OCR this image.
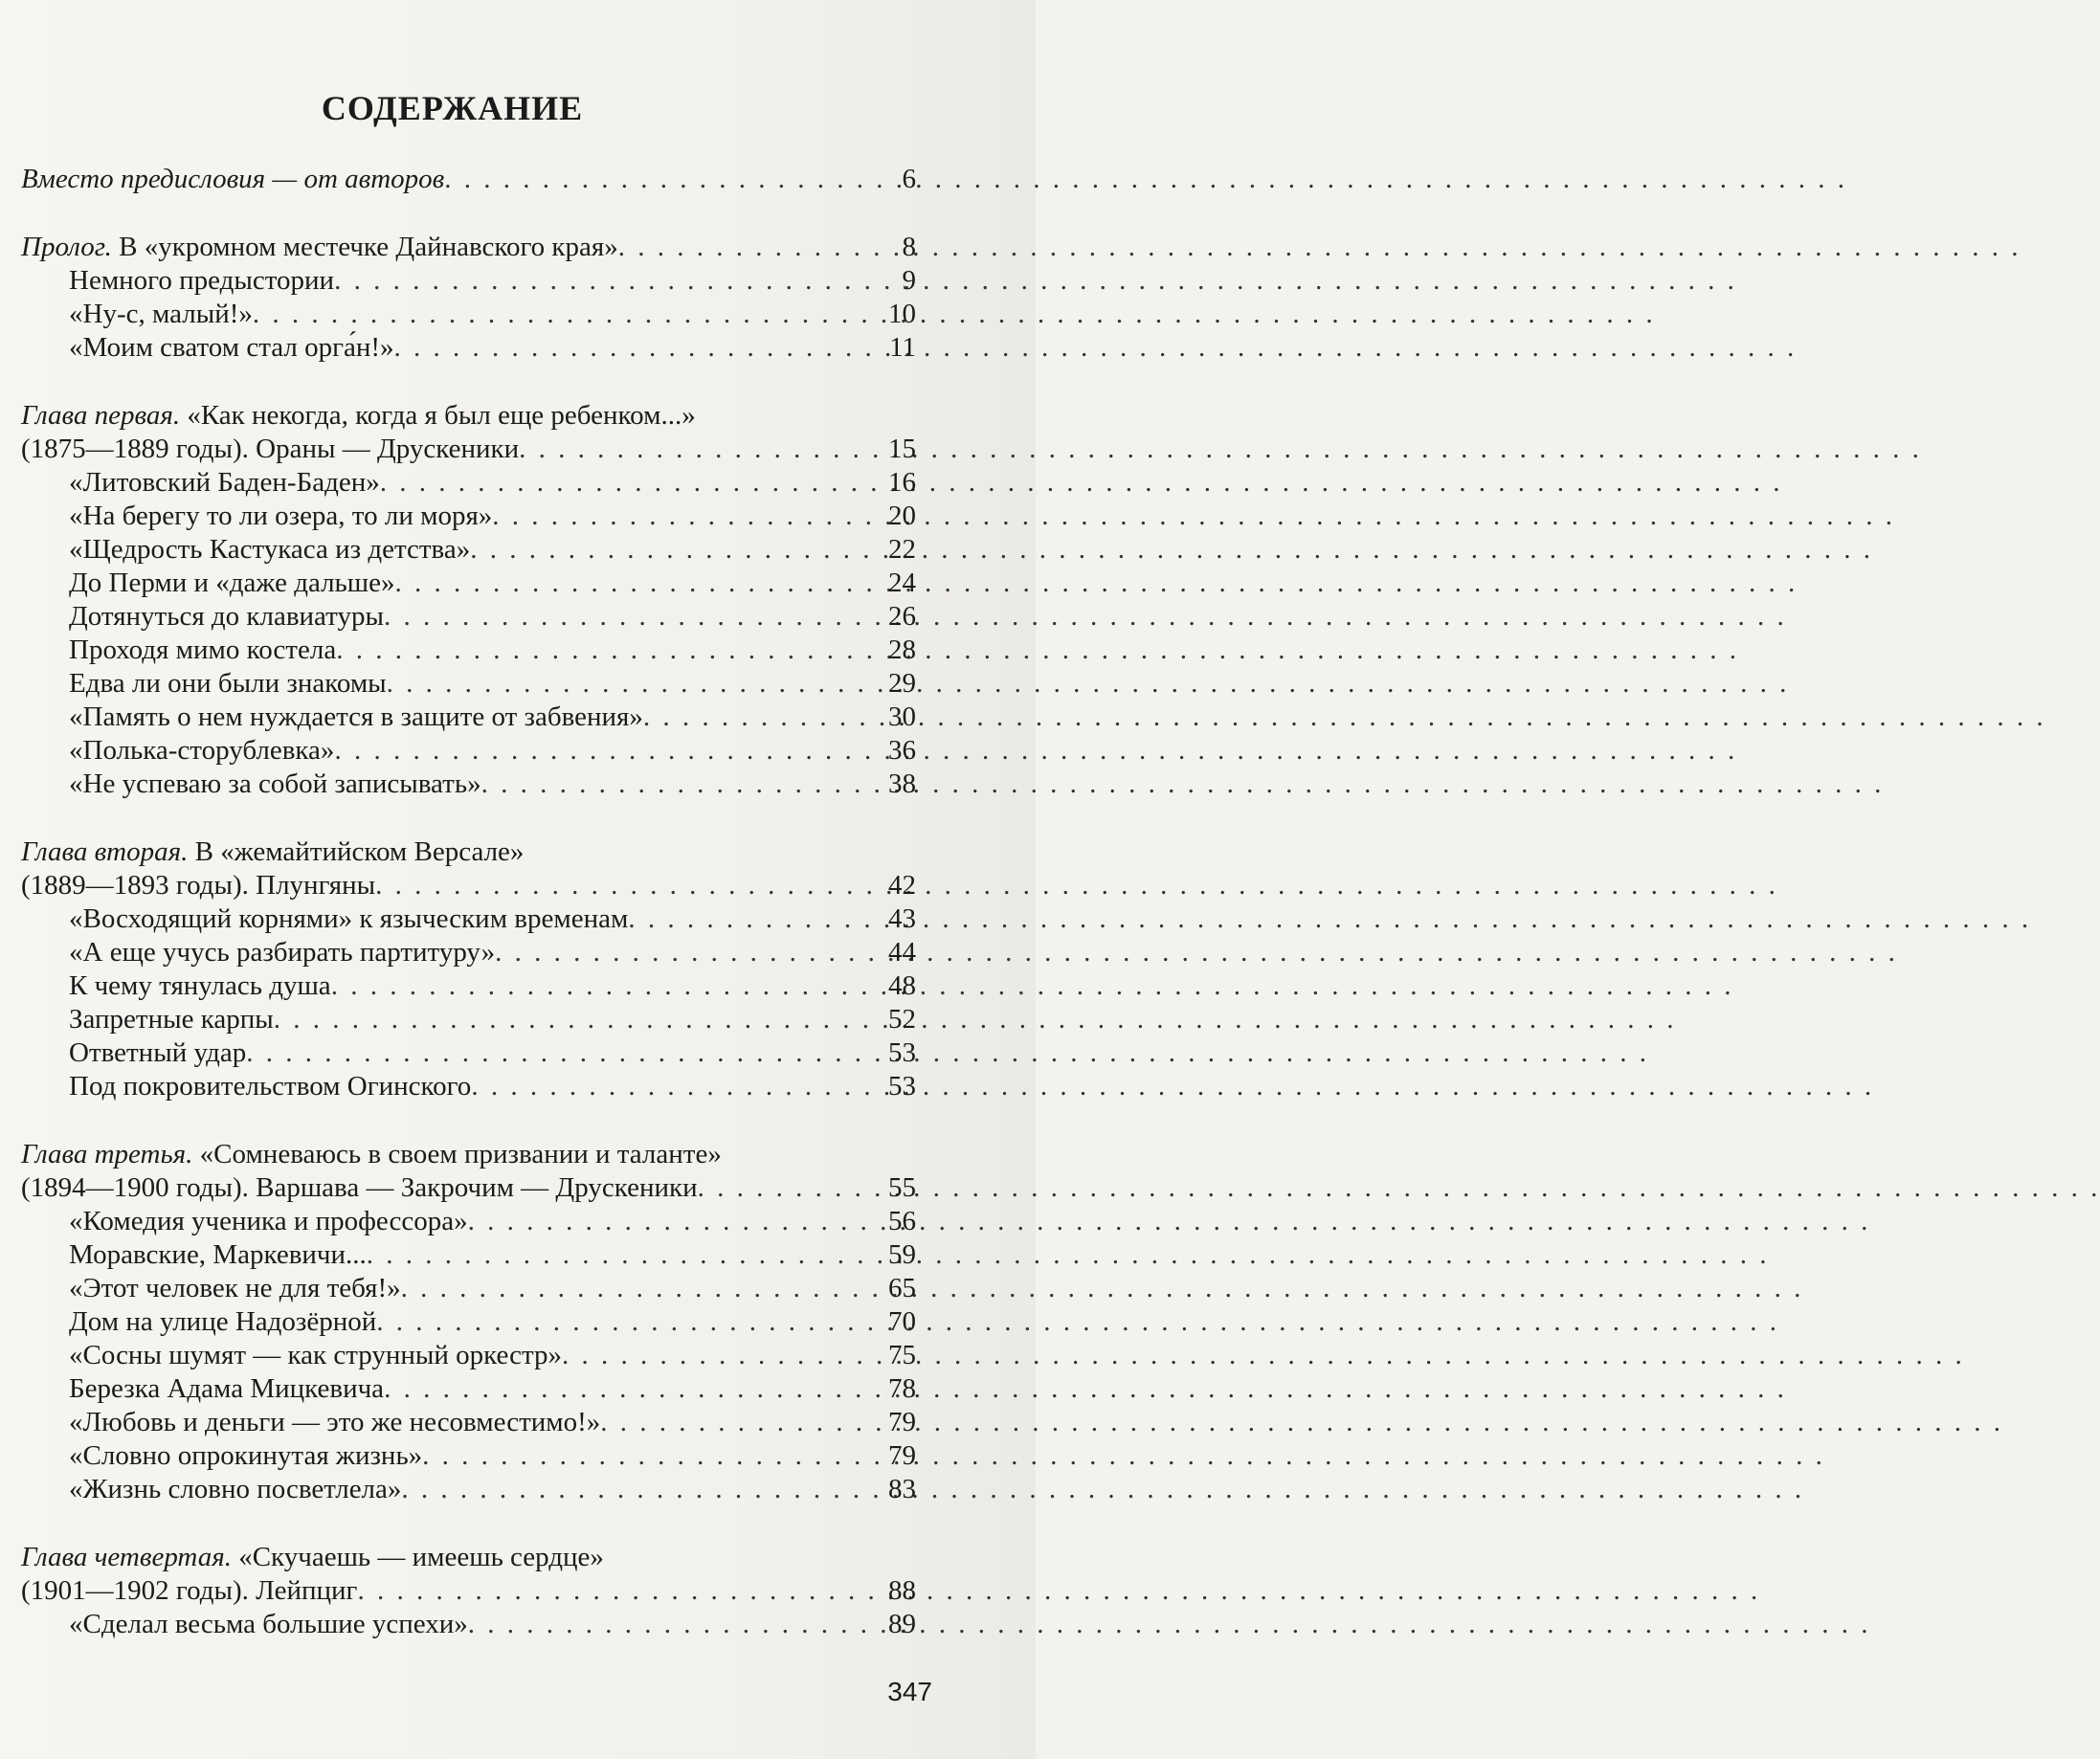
СОДЕРЖАНИЕ
Вместо предисловия — от авторов . . .	6
Пролог. В «укромном местечке Дайнавского края» . . .	8
Немного предыстории . . .	9
«Ну-с, малый!» . . .	10
«Моим сватом стал орга́н!» . . .	11
Глава первая. «Как некогда, когда я был еще ребенком...»
(1875—1889 годы). Ораны — Друскеники . . .	15
«Литовский Баден-Баден» . . .	16
«На берегу то ли озера, то ли моря» . . .	20
«Щедрость Кастукаса из детства» . . .	22
До Перми и «даже дальше» . . .	24
Дотянуться до клавиатуры . . .	26
Проходя мимо костела . . .	28
Едва ли они были знакомы . . .	29
«Память о нем нуждается в защите от забвения» . . .	30
«Полька-сторублевка» . . .	36
«Не успеваю за собой записывать» . . .	38
Глава вторая. В «жемайтийском Версале»
(1889—1893 годы). Плунгяны . . .	42
«Восходящий корнями» к языческим временам . . .	43
«А еще учусь разбирать партитуру» . . .	44
К чему тянулась душа . . .	48
Запретные карпы . . .	52
Ответный удар . . .	53
Под покровительством Огинского . . .	53
Глава третья. «Сомневаюсь в своем призвании и таланте»
(1894—1900 годы). Варшава — Закрочим — Друскеники . . .	55
«Комедия ученика и профессора» . . .	56
Моравские, Маркевичи... . . .	59
«Этот человек не для тебя!» . . .	65
Дом на улице Надозёрной . . .	70
«Сосны шумят — как струнный оркестр» . . .	75
Березка Адама Мицкевича . . .	78
«Любовь и деньги — это же несовместимо!» . . .	79
«Словно опрокинутая жизнь» . . .	79
«Жизнь словно посветлела» . . .	83
Глава четвертая. «Скучаешь — имеешь сердце»
(1901—1902 годы). Лейпциг . . .	88
«Сделал весьма большие успехи» . . .	89
347
